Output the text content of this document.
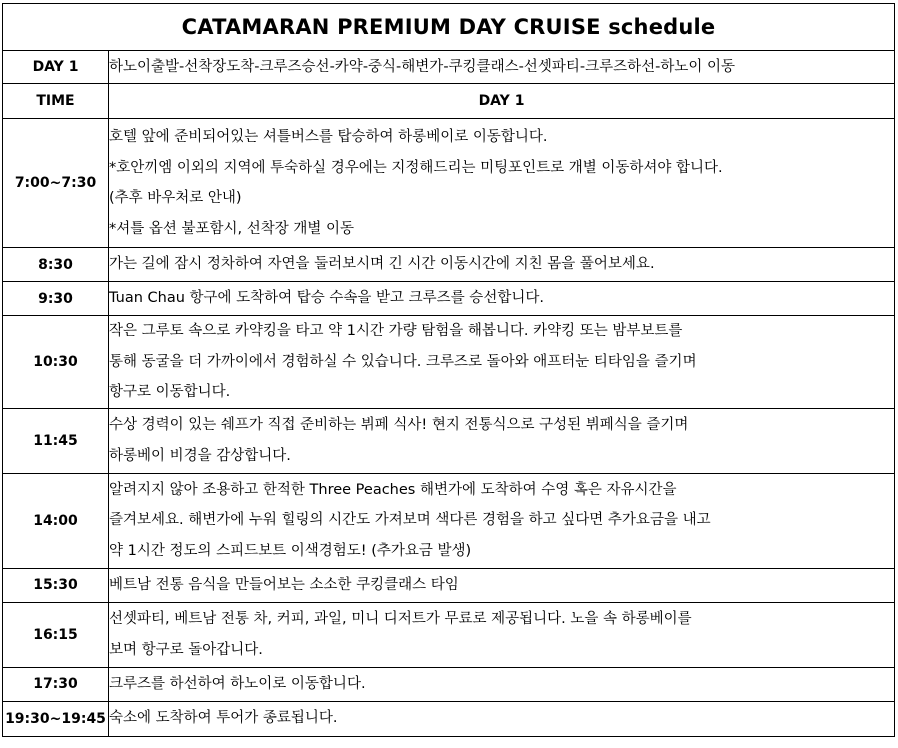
CATAMARAN PREMIUM DAY CRUISE schedule	
DAY 1	하노이출발-선착장도착-크루즈승선-카약-중식-해변가-쿠킹클래스-선셋파티-크루즈하선-하노이 이동

TIME	DAY 1
7:00~7:30	호텔 앞에 준비되어있는 셔틀버스를 탑승하여 하롱베이로 이동합니다.
*호안끼엠 이외의 지역에 투숙하실 경우에는 지정해드리는 미팅포인트로 개별 이동하셔야 합니다.
(추후 바우처로 안내)
*셔틀 옵션 불포함시, 선착장 개별 이동

8:30	가는 길에 잠시 정차하여 자연을 둘러보시며 긴 시간 이동시간에 지친 몸을 풀어보세요.

9:30	Tuan Chau 항구에 도착하여 탑승 수속을 받고 크루즈를 승선합니다.

10:30	작은 그루토 속으로 카약킹을 타고 약 1시간 가량 탐험을 해봅니다. 카약킹 또는 밤부보트를
통해 동굴을 더 가까이에서 경험하실 수 있습니다. 크루즈로 돌아와 애프터눈 티타임을 즐기며
항구로 이동합니다.

11:45	수상 경력이 있는 쉐프가 직접 준비하는 뷔페 식사! 현지 전통식으로 구성된 뷔페식을 즐기며
하롱베이 비경을 감상합니다.

14:00	알려지지 않아 조용하고 한적한 Three Peaches 해변가에 도착하여 수영 혹은 자유시간을
즐겨보세요. 해변가에 누워 힐링의 시간도 가져보며 색다른 경험을 하고 싶다면 추가요금을 내고
약 1시간 정도의 스피드보트 이색경험도! (추가요금 발생)

15:30	베트남 전통 음식을 만들어보는 소소한 쿠킹클래스 타임

16:15	선셋파티, 베트남 전통 차, 커피, 과일, 미니 디저트가 무료로 제공됩니다. 노을 속 하롱베이를
보며 항구로 돌아갑니다.

17:30	크루즈를 하선하여 하노이로 이동합니다.

19:30~19:45	숙소에 도착하여 투어가 종료됩니다.
